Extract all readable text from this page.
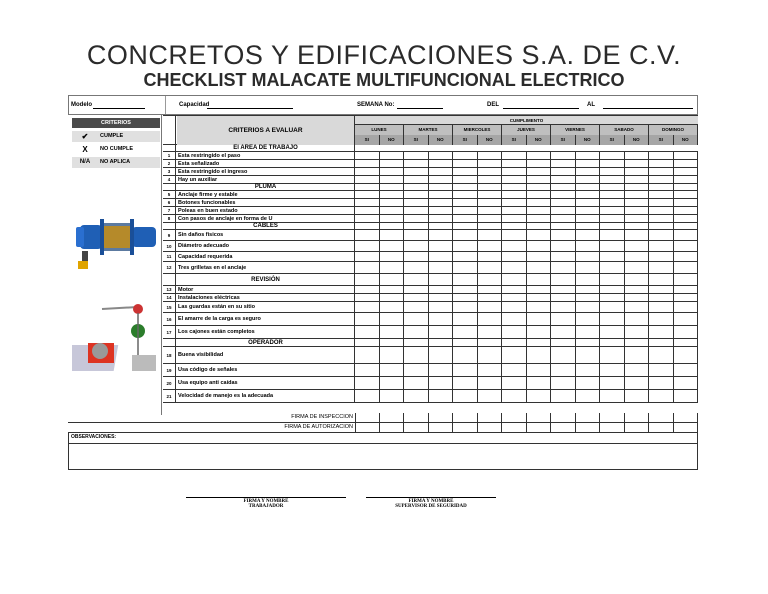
CONCRETOS Y EDIFICACIONES S.A. DE C.V.
CHECKLIST MALACATE MULTIFUNCIONAL ELECTRICO
Modelo	Capacidad	SEMANA No:	DEL	AL
CRITERIOS
✔	CUMPLE
X	NO CUMPLE
N/A	NO APLICA
CRITERIOS A EVALUAR
CUMPLIMENTO
LUNES
SI	NO
MARTES
SI	NO
MIERCOLES
SI	NO
JUEVES
SI	NO
VIERNES
SI	NO
SABADO
SI	NO
DOMINGO
SI	NO
El AREA DE TRABAJO
1	Esta restringido el paso
2	Esta señalizado
3	Esta restringido el ingreso
4	Hay un auxiliar
PLUMA
5	Anclaje firme y estable
6	Botones funcionables
7	Poleas en buen estado
8	Con pasos de anclaje en forma de U
CABLES
9	Sin daños fisicos
10	Diámetro adecuado
11	Capacidad requerida
12	Tres grilletas en el anclaje
REVISIÓN
13	Motor
14	Instalaciones eléctricas
15	Las guardas están en su sitio
16	El amarre de la carga es seguro
17	Los cajones están completos
OPERADOR
18	Buena visibilidad
19	Usa código de señales
20	Usa equipo anti caídas
21	Velocidad de manejo es la adecuada
FIRMA DE INSPECCION
FIRMA DE AUTORIZACION
OBSERVACIONES:
FIRMA Y NOMBRE
TRABAJADOR
FIRMA Y NOMBRE
SUPERVISOR DE SEGURIDAD
